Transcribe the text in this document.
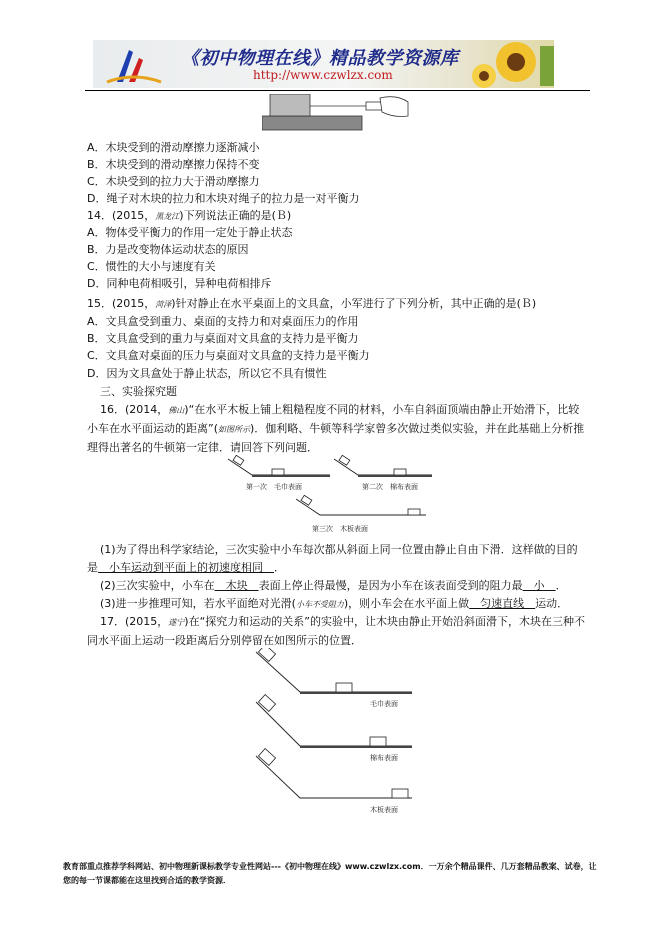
《初中物理在线》精品教学资源库
http://www.czwlzx.com
A．木块受到的滑动摩擦力逐渐减小
B．木块受到的滑动摩擦力保持不变
C．木块受到的拉力大于滑动摩擦力
D．绳子对木块的拉力和木块对绳子的拉力是一对平衡力
14．(2015，黑龙江)下列说法正确的是(Ｂ)
A．物体受平衡力的作用一定处于静止状态
B．力是改变物体运动状态的原因
C．惯性的大小与速度有关
D．同种电荷相吸引，异种电荷相排斥
15．(2015，菏泽)针对静止在水平桌面上的文具盒，小军进行了下列分析，其中正确的是(Ｂ)
A．文具盒受到重力、桌面的支持力和对桌面压力的作用
B．文具盒受到的重力与桌面对文具盒的支持力是平衡力
C．文具盒对桌面的压力与桌面对文具盒的支持力是平衡力
D．因为文具盒处于静止状态，所以它不具有惯性
三、实验探究题
16．(2014，佛山)“在水平木板上铺上粗糙程度不同的材料，小车自斜面顶端由静止开始滑下，比较小车在水平面运动的距离”(如图所示)．伽利略、牛顿等科学家曾多次做过类似实验，并在此基础上分析推理得出著名的牛顿第一定律．请回答下列问题．
第一次　毛巾表面	第二次　棉布表面
第三次　木板表面
(1)为了得出科学家结论，三次实验中小车每次都从斜面上同一位置由静止自由下滑．这样做的目的是　小车运动到平面上的初速度相同　．
(2)三次实验中，小车在　木块　表面上停止得最慢，是因为小车在该表面受到的阻力最　小　．
(3)进一步推理可知，若水平面绝对光滑(小车不受阻力)，则小车会在水平面上做　匀速直线　运动．
17．(2015，遂宁)在“探究力和运动的关系”的实验中，让木块由静止开始沿斜面滑下，木块在三种不同水平面上运动一段距离后分别停留在如图所示的位置．
毛巾表面
棉布表面
木板表面
教育部重点推荐学科网站、初中物理新课标教学专业性网站---《初中物理在线》www.czwlzx.com．一万余个精品课件、几万套精品教案、试卷，让您的每一节课都能在这里找到合适的教学资源．
